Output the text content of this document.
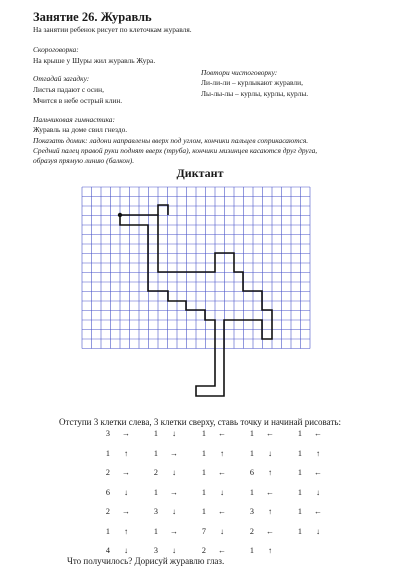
Занятие 26. Журавль
На занятии ребенок рисует по клеточкам журавля.
Скороговорка:
На крыше у Шуры жил журавль Жура.
Отгадай загадку:
Листья падают с осин,
Мчится в небе острый клин.
Повтори чистоговорку:
Ли-ли-ли – курлыкают журавли,
Лы-лы-лы – курлы, курлы, курлы.
Пальчиковая гимнастика:
Журавль на доме свил гнездо.
Показать домик: ладони направлены вверх под углом, кончики пальцев соприкасаются.
Средний палец правой руки поднят вверх (труба), кончики мизинцев касаются друг друга,
образуя прямую линию (балкон).
Диктант
Отступи 3 клетки слева, 3 клетки сверху, ставь точку и начинай рисовать:
3 →	1 ↓	1 ←	1 ←	1 ←
1 ↑	1 →	1 ↑	1 ↓	1 ↑
2 →	2 ↓	1 ←	6 ↑	1 ←
6 ↓	1 →	1 ↓	1 ←	1 ↓
2 →	3 ↓	1 ←	3 ↑	1 ←
1 ↑	1 →	7 ↓	2 ←	1 ↓
4 ↓	3 ↓	2 ←	1 ↑
Что получилось? Дорисуй журавлю глаз.
